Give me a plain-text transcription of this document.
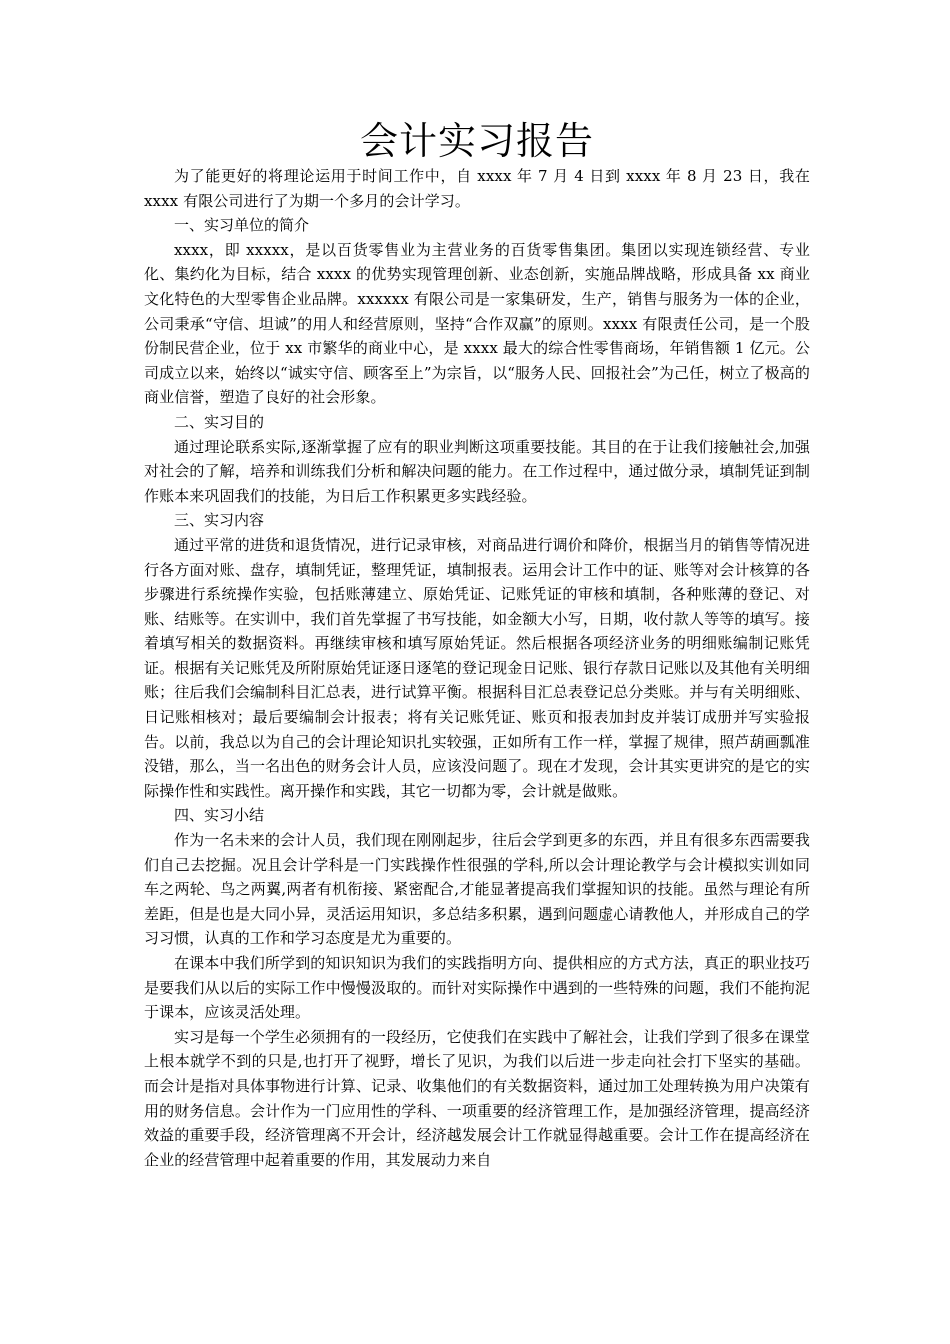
会计实习报告

为了能更好的将理论运用于时间工作中，自 xxxx 年 7 月 4 日到 xxxx 年 8 月 23 日，我在 xxxx 有限公司进行了为期一个多月的会计学习。

一、实习单位的简介

xxxx，即 xxxxx，是以百货零售业为主营业务的百货零售集团。集团以实现连锁经营、专业化、集约化为目标，结合 xxxx 的优势实现管理创新、业态创新，实施品牌战略，形成具备 xx 商业文化特色的大型零售企业品牌。xxxxxx 有限公司是一家集研发，生产，销售与服务为一体的企业，公司秉承“守信、坦诚”的用人和经营原则，坚持“合作双赢”的原则。xxxx 有限责任公司，是一个股份制民营企业，位于 xx 市繁华的商业中心，是 xxxx 最大的综合性零售商场，年销售额 1 亿元。公司成立以来，始终以“诚实守信、顾客至上”为宗旨，以“服务人民、回报社会”为己任，树立了极高的商业信誉，塑造了良好的社会形象。

二、实习目的

通过理论联系实际,逐渐掌握了应有的职业判断这项重要技能。其目的在于让我们接触社会,加强对社会的了解，培养和训练我们分析和解决问题的能力。在工作过程中，通过做分录，填制凭证到制作账本来巩固我们的技能，为日后工作积累更多实践经验。

三、实习内容

通过平常的进货和退货情况，进行记录审核，对商品进行调价和降价，根据当月的销售等情况进行各方面对账、盘存，填制凭证，整理凭证，填制报表。运用会计工作中的证、账等对会计核算的各步骤进行系统操作实验，包括账薄建立、原始凭证、记账凭证的审核和填制，各种账薄的登记、对账、结账等。在实训中，我们首先掌握了书写技能，如金额大小写，日期，收付款人等等的填写。接着填写相关的数据资料。再继续审核和填写原始凭证。然后根据各项经济业务的明细账编制记账凭证。根据有关记账凭及所附原始凭证逐日逐笔的登记现金日记账、银行存款日记账以及其他有关明细账；往后我们会编制科目汇总表，进行试算平衡。根据科目汇总表登记总分类账。并与有关明细账、日记账相核对；最后要编制会计报表；将有关记账凭证、账页和报表加封皮并装订成册并写实验报告。以前，我总以为自己的会计理论知识扎实较强，正如所有工作一样，掌握了规律，照芦葫画瓢准没错，那么，当一名出色的财务会计人员，应该没问题了。现在才发现，会计其实更讲究的是它的实际操作性和实践性。离开操作和实践，其它一切都为零，会计就是做账。

四、实习小结

作为一名未来的会计人员，我们现在刚刚起步，往后会学到更多的东西，并且有很多东西需要我们自己去挖掘。况且会计学科是一门实践操作性很强的学科,所以会计理论教学与会计模拟实训如同车之两轮、鸟之两翼,两者有机衔接、紧密配合,才能显著提高我们掌握知识的技能。虽然与理论有所差距，但是也是大同小异，灵活运用知识，多总结多积累，遇到问题虚心请教他人，并形成自己的学习习惯，认真的工作和学习态度是尤为重要的。

在课本中我们所学到的知识知识为我们的实践指明方向、提供相应的方式方法，真正的职业技巧是要我们从以后的实际工作中慢慢汲取的。而针对实际操作中遇到的一些特殊的问题，我们不能拘泥于课本，应该灵活处理。

实习是每一个学生必须拥有的一段经历，它使我们在实践中了解社会，让我们学到了很多在课堂上根本就学不到的只是,也打开了视野，增长了见识，为我们以后进一步走向社会打下坚实的基础。而会计是指对具体事物进行计算、记录、收集他们的有关数据资料，通过加工处理转换为用户决策有用的财务信息。会计作为一门应用性的学科、一项重要的经济管理工作，是加强经济管理，提高经济效益的重要手段，经济管理离不开会计，经济越发展会计工作就显得越重要。会计工作在提高经济在企业的经营管理中起着重要的作用，其发展动力来自
